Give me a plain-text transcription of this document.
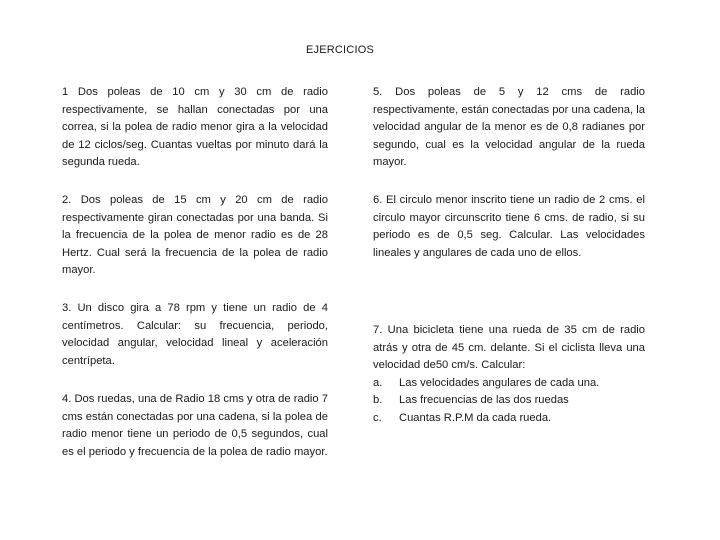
EJERCICIOS

1 Dos poleas de 10 cm y 30 cm de radio respectivamente, se hallan conectadas por una correa, si la polea de radio menor gira a la velocidad de 12 ciclos/seg. Cuantas vueltas por minuto dará la segunda rueda.

2. Dos poleas de 15 cm y 20 cm de radio respectivamente giran conectadas por una banda. Si la frecuencia de la polea de menor radio es de 28 Hertz. Cual será la frecuencia de la polea de radio mayor.

3. Un disco gira a 78 rpm y tiene un radio de 4 centímetros. Calcular: su frecuencia, periodo, velocidad angular, velocidad lineal y aceleración centrípeta.

4. Dos ruedas, una de Radio 18 cms y otra de radio 7 cms están conectadas por una cadena, si la polea de radio menor tiene un periodo de 0,5 segundos, cual es el periodo y frecuencia de la polea de radio mayor.

5. Dos poleas de 5 y 12 cms de radio respectivamente, están conectadas por una cadena, la velocidad angular de la menor es de 0,8 radianes por segundo, cual es la velocidad angular de la rueda mayor.

6. El circulo menor inscrito tiene un radio de 2 cms. el circulo mayor circunscrito tiene 6 cms. de radio, si su periodo es de 0,5 seg. Calcular. Las velocidades lineales y angulares de cada uno de ellos.

7. Una bicicleta tiene una rueda de 35 cm de radio atrás y otra de 45 cm. delante. Si el ciclista lleva una velocidad de50 cm/s. Calcular:

a. Las velocidades angulares de cada una.
b. Las frecuencias de las dos ruedas
c. Cuantas R.P.M da cada rueda.
